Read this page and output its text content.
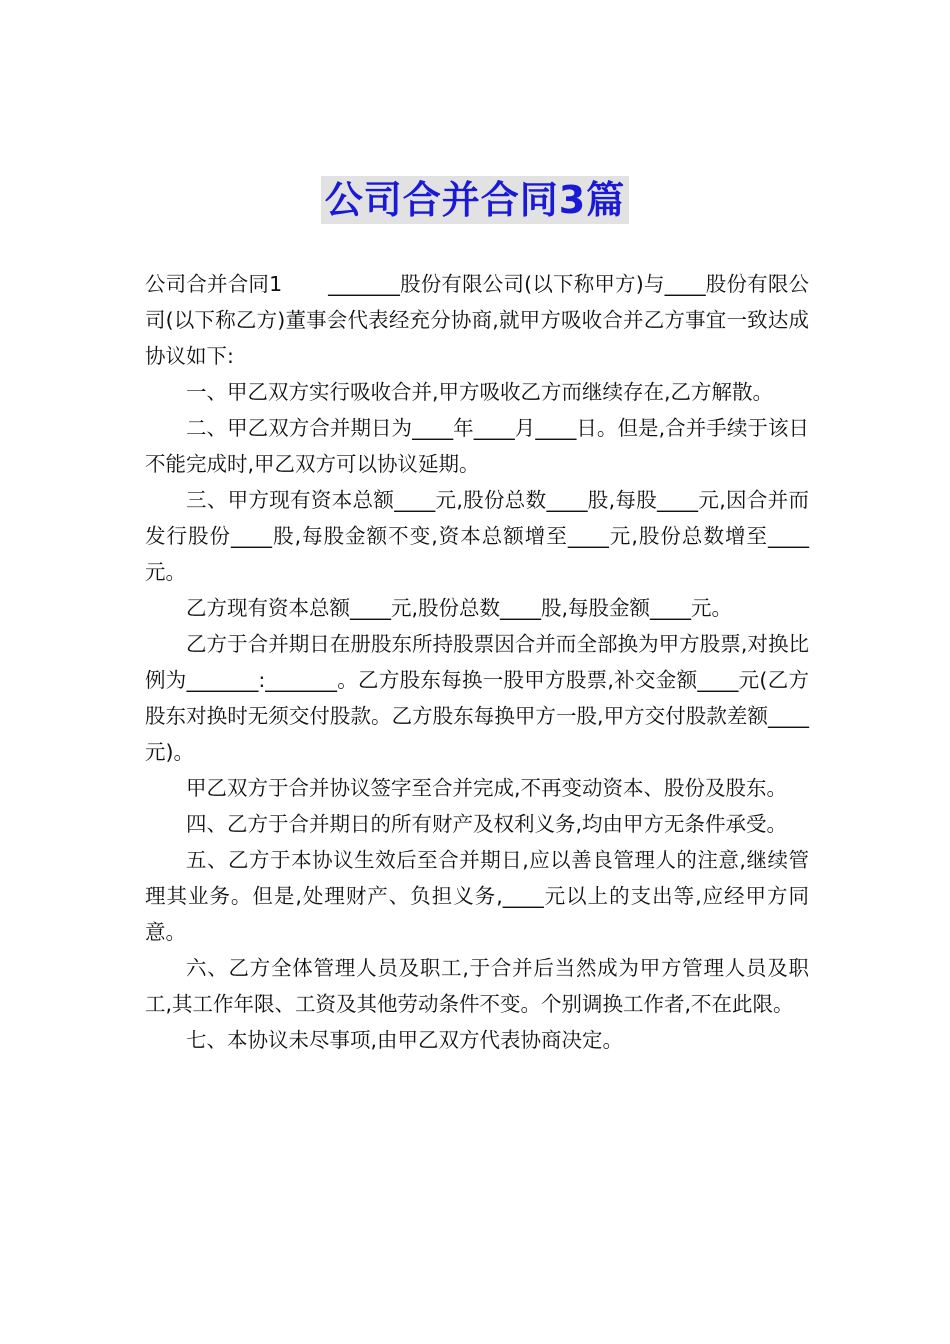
公司合并合同3篇

公司合并合同1 _______股份有限公司(以下称甲方)与____股份有限公司(以下称乙方)董事会代表经充分协商,就甲方吸收合并乙方事宜一致达成协议如下:

一、甲乙双方实行吸收合并,甲方吸收乙方而继续存在,乙方解散。

二、甲乙双方合并期日为____年____月____日。但是,合并手续于该日不能完成时,甲乙双方可以协议延期。

三、甲方现有资本总额____元,股份总数____股,每股____元,因合并而发行股份____股,每股金额不变,资本总额增至____元,股份总数增至____元。

乙方现有资本总额____元,股份总数____股,每股金额____元。

乙方于合并期日在册股东所持股票因合并而全部换为甲方股票,对换比例为_______:_______。乙方股东每换一股甲方股票,补交金额____元(乙方股东对换时无须交付股款。乙方股东每换甲方一股,甲方交付股款差额____元)。

甲乙双方于合并协议签字至合并完成,不再变动资本、股份及股东。

四、乙方于合并期日的所有财产及权利义务,均由甲方无条件承受。

五、乙方于本协议生效后至合并期日,应以善良管理人的注意,继续管理其业务。但是,处理财产、负担义务,____元以上的支出等,应经甲方同意。

六、乙方全体管理人员及职工,于合并后当然成为甲方管理人员及职工,其工作年限、工资及其他劳动条件不变。个别调换工作者,不在此限。

七、本协议未尽事项,由甲乙双方代表协商决定。
